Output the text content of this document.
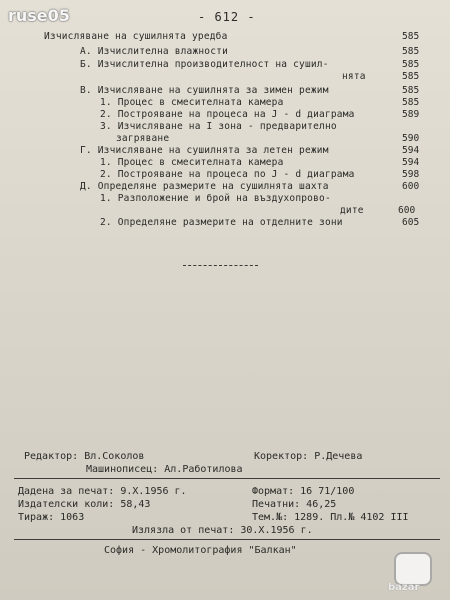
ruse05	- 612 -
Изчисляване на сушилнята уредба	585
А. Изчислителна влажности	585
Б. Изчислителна производителност на сушил-	585
нята	585
В. Изчисляване на сушилнята за зимен режим	585
1. Процес в смесителната камера	585
2. Построяване на процеса на J - d диаграма	589
3. Изчисляване на I зона - предварително
загряване	590
Г. Изчисляване на сушилнята за летен режим	594
1. Процес в смесителната камера	594
2. Построяване на процеса по J - d диаграма	598
Д. Определяне размерите на сушилнята шахта	600
1. Разположение и брой на въздухопрово-
дите	600
2. Определяне размерите на отделните зони	605
Редактор: Вл.Соколов	Коректор: Р.Дечева
Машинописец: Ал.Работилова
Дадена за печат: 9.Х.1956 г.	Формат: 16 71/100
Издателски коли: 58,43	Печатни: 46,25
Тираж: 1063	Тем.№: 1289. Пл.№ 4102 III
Излязла от печат: 30.Х.1956 г.
София - Хромолитография "Балкан"
bazar
